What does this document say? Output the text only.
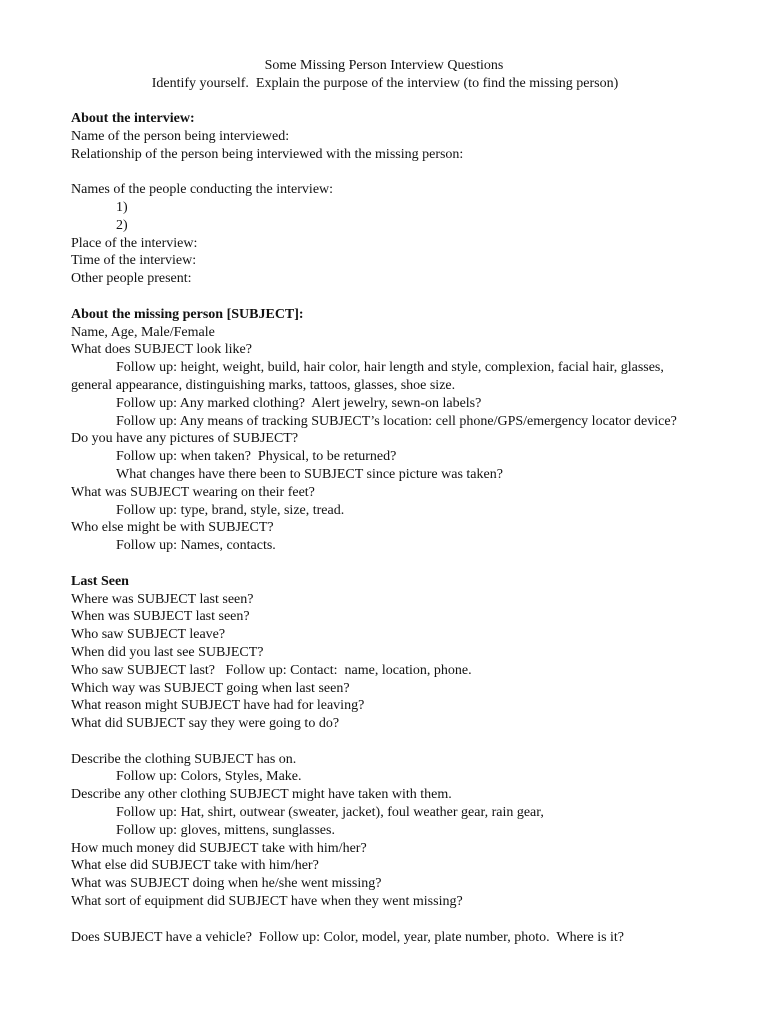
Some Missing Person Interview Questions
Identify yourself.  Explain the purpose of the interview (to find the missing person)
About the interview:
Name of the person being interviewed:
Relationship of the person being interviewed with the missing person:
Names of the people conducting the interview:
1)
2)
Place of the interview:
Time of the interview:
Other people present:
About the missing person [SUBJECT]:
Name, Age, Male/Female
What does SUBJECT look like?
Follow up: height, weight, build, hair color, hair length and style, complexion, facial hair, glasses, general appearance, distinguishing marks, tattoos, glasses, shoe size.
Follow up: Any marked clothing?  Alert jewelry, sewn-on labels?
Follow up: Any means of tracking SUBJECT’s location: cell phone/GPS/emergency locator device?
Do you have any pictures of SUBJECT?
Follow up: when taken?  Physical, to be returned?
What changes have there been to SUBJECT since picture was taken?
What was SUBJECT wearing on their feet?
Follow up: type, brand, style, size, tread.
Who else might be with SUBJECT?
Follow up: Names, contacts.
Last Seen
Where was SUBJECT last seen?
When was SUBJECT last seen?
Who saw SUBJECT leave?
When did you last see SUBJECT?
Who saw SUBJECT last?   Follow up: Contact:  name, location, phone.
Which way was SUBJECT going when last seen?
What reason might SUBJECT have had for leaving?
What did SUBJECT say they were going to do?
Describe the clothing SUBJECT has on.
Follow up: Colors, Styles, Make.
Describe any other clothing SUBJECT might have taken with them.
Follow up: Hat, shirt, outwear (sweater, jacket), foul weather gear, rain gear,
Follow up: gloves, mittens, sunglasses.
How much money did SUBJECT take with him/her?
What else did SUBJECT take with him/her?
What was SUBJECT doing when he/she went missing?
What sort of equipment did SUBJECT have when they went missing?
Does SUBJECT have a vehicle?  Follow up: Color, model, year, plate number, photo.  Where is it?
